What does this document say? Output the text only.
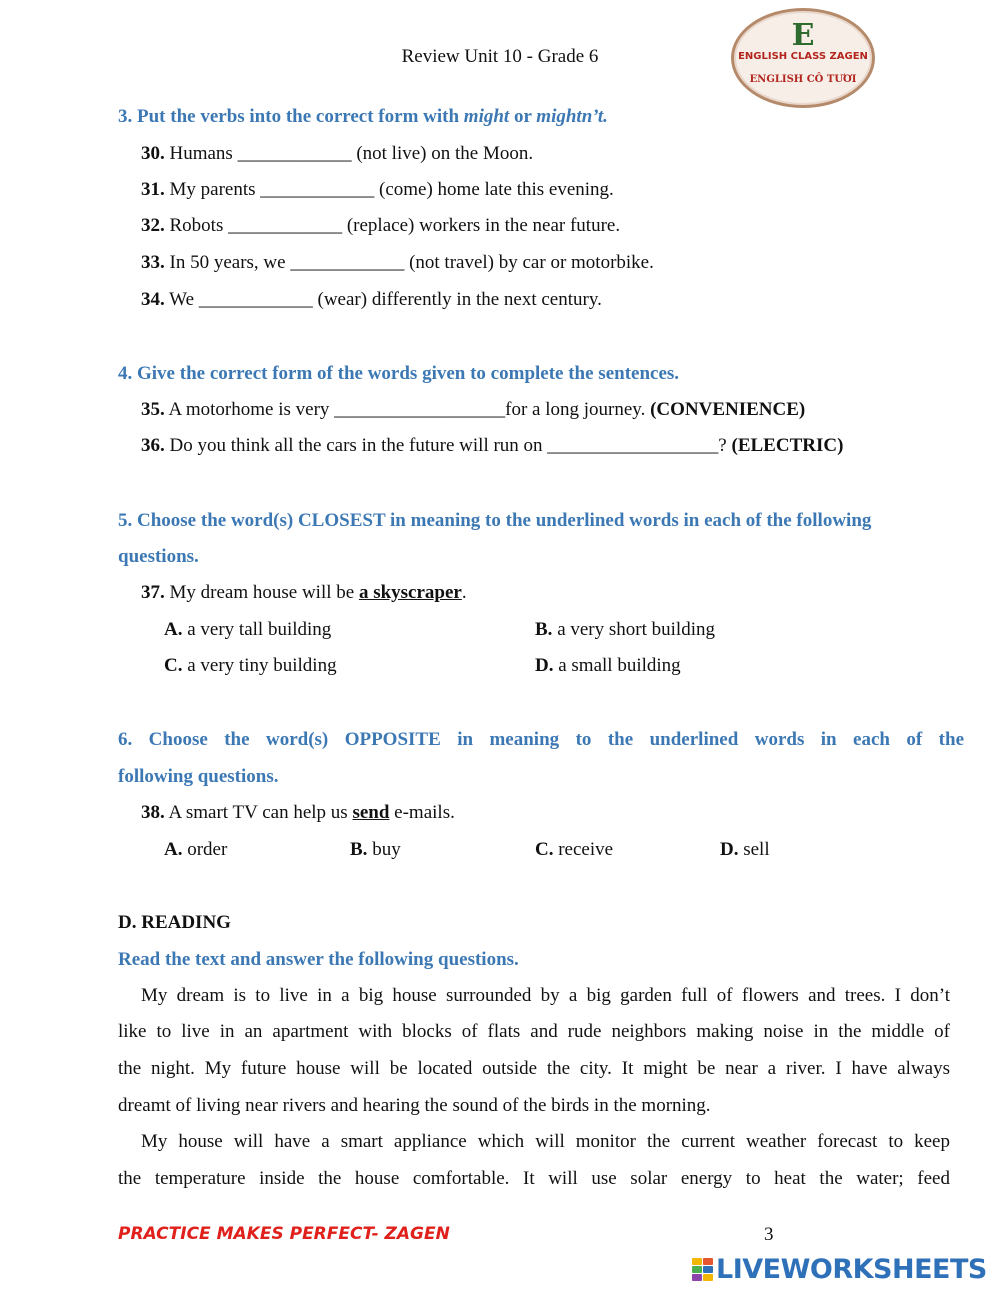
Review Unit 10 - Grade 6
E
ENGLISH CLASS ZAGEN
ENGLISH CÔ TƯƠI
3. Put the verbs into the correct form with might or mightn’t.
30. Humans ____________ (not live) on the Moon.
31. My parents ____________ (come) home late this evening.
32. Robots ____________ (replace) workers in the near future.
33. In 50 years, we ____________ (not travel) by car or motorbike.
34. We ____________ (wear) differently in the next century.
4. Give the correct form of the words given to complete the sentences.
35. A motorhome is very __________________for a long journey. (CONVENIENCE)
36. Do you think all the cars in the future will run on __________________? (ELECTRIC)
5. Choose the word(s) CLOSEST in meaning to the underlined words in each of the following
questions.
37. My dream house will be a skyscraper.
A. a very tall building	B. a very short building
C. a very tiny building	D. a small building
6. Choose the word(s) OPPOSITE in meaning to the underlined words in each of the
following questions.
38. A smart TV can help us send e-mails.
A. order	B. buy	C. receive	D. sell
D. READING
Read the text and answer the following questions.
My dream is to live in a big house surrounded by a big garden full of flowers and trees. I don’t
like to live in an apartment with blocks of flats and rude neighbors making noise in the middle of
the night. My future house will be located outside the city. It might be near a river. I have always
dreamt of living near rivers and hearing the sound of the birds in the morning.
My house will have a smart appliance which will monitor the current weather forecast to keep
the temperature inside the house comfortable. It will use solar energy to heat the water; feed
PRACTICE MAKES PERFECT- ZAGEN	3
LIVEWORKSHEETS
